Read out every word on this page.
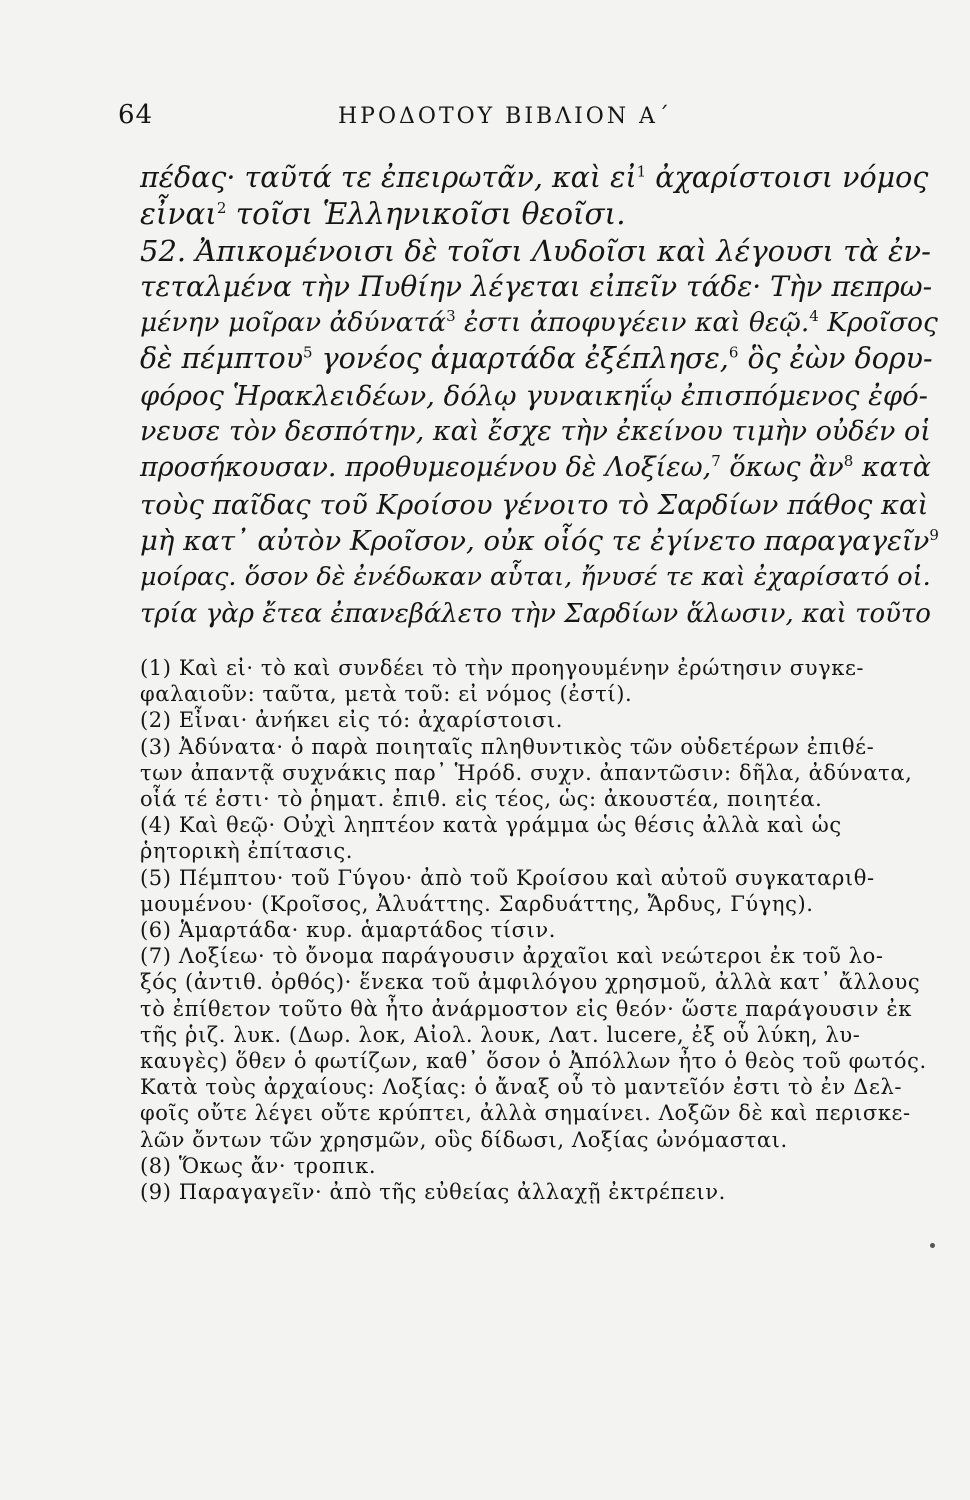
64	ΗΡΟΔΟΤΟΥ ΒΙΒΛΙΟΝ Α΄
πέδας· ταῦτά τε ἐπειρωτᾶν, καὶ εἰ$^1$ ἀχαρίστοισι νόμος
εἶναι$^2$ τοῖσι Ἑλληνικοῖσι θεοῖσι.
52. Ἀπικομένοισι δὲ τοῖσι Λυδοῖσι καὶ λέγουσι τὰ ἐν-
τεταλμένα τὴν Πυθίην λέγεται εἰπεῖν τάδε· Τὴν πεπρω-
μένην μοῖραν ἀδύνατά$^3$ ἐστι ἀποφυγέειν καὶ θεῷ.$^4$ Κροῖσος
δὲ πέμπτου$^5$ γονέος ἁμαρτάδα ἐξέπλησε,$^6$ ὃς ἐὼν δορυ-
φόρος Ἡρακλειδέων, δόλῳ γυναικηΐῳ ἐπισπόμενος ἐφό-
νευσε τὸν δεσπότην, καὶ ἔσχε τὴν ἐκείνου τιμὴν οὐδέν οἱ
προσήκουσαν. προθυμεομένου δὲ Λοξίεω,$^7$ ὅκως ἂν$^8$ κατὰ
τοὺς παῖδας τοῦ Κροίσου γένοιτο τὸ Σαρδίων πάθος καὶ
μὴ κατ᾽ αὐτὸν Κροῖσον, οὐκ οἷός τε ἐγίνετο παραγαγεῖν$^9$
μοίρας. ὅσον δὲ ἐνέδωκαν αὗται, ἤνυσέ τε καὶ ἐχαρίσατό οἱ.
τρία γὰρ ἔτεα ἐπανεβάλετο τὴν Σαρδίων ἅλωσιν, καὶ τοῦτο
(1) Καὶ εἰ· τὸ καὶ συνδέει τὸ τὴν προηγουμένην ἐρώτησιν συγκε-
φαλαιοῦν: ταῦτα, μετὰ τοῦ: εἰ νόμος (ἐστί).
(2) Εἶναι· ἀνήκει εἰς τό: ἀχαρίστοισι.
(3) Ἀδύνατα· ὁ παρὰ ποιηταῖς πληθυντικὸς τῶν οὐδετέρων ἐπιθέ-
των ἀπαντᾷ συχνάκις παρ᾽ Ἡρόδ. συχν. ἀπαντῶσιν: δῆλα, ἀδύνατα,
οἷά τέ ἐστι· τὸ ῥηματ. ἐπιθ. εἰς τέος, ὡς: ἀκουστέα, ποιητέα.
(4) Καὶ θεῷ· Οὐχὶ ληπτέον κατὰ γράμμα ὡς θέσις ἀλλὰ καὶ ὡς
ῥητορικὴ ἐπίτασις.
(5) Πέμπτου· τοῦ Γύγου· ἀπὸ τοῦ Κροίσου καὶ αὐτοῦ συγκαταριθ-
μουμένου· (Κροῖσος, Ἀλυάττης. Σαρδυάττης, Ἄρδυς, Γύγης).
(6) Ἁμαρτάδα· κυρ. ἁμαρτάδος τίσιν.
(7) Λοξίεω· τὸ ὄνομα παράγουσιν ἀρχαῖοι καὶ νεώτεροι ἐκ τοῦ λο-
ξός (ἀντιθ. ὀρθός)· ἕνεκα τοῦ ἀμφιλόγου χρησμοῦ, ἀλλὰ κατ᾽ ἄλλους
τὸ ἐπίθετον τοῦτο θὰ ἦτο ἀνάρμοστον εἰς θεόν· ὥστε παράγουσιν ἐκ
τῆς ῥιζ. λυκ. (Δωρ. λοκ, Αἰολ. λουκ, Λατ. lucere, ἐξ οὗ λύκη, λυ-
καυγὲς) ὅθεν ὁ φωτίζων, καθ᾽ ὅσον ὁ Ἀπόλλων ἦτο ὁ θεὸς τοῦ φωτός.
Κατὰ τοὺς ἀρχαίους: Λοξίας: ὁ ἄναξ οὗ τὸ μαντεῖόν ἐστι τὸ ἐν Δελ-
φοῖς οὔτε λέγει οὔτε κρύπτει, ἀλλὰ σημαίνει. Λοξῶν δὲ καὶ περισκε-
λῶν ὄντων τῶν χρησμῶν, οὓς δίδωσι, Λοξίας ὠνόμασται.
(8) Ὅκως ἄν· τροπικ.
(9) Παραγαγεῖν· ἀπὸ τῆς εὐθείας ἀλλαχῇ ἐκτρέπειν.
